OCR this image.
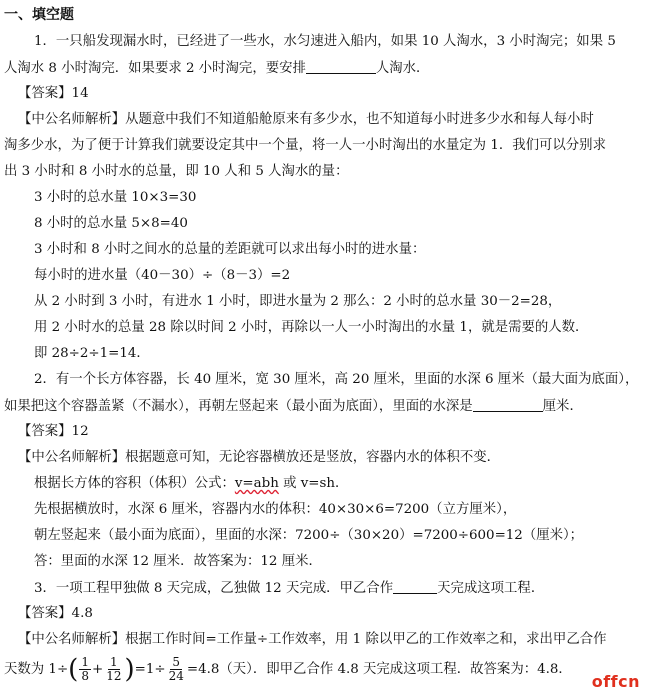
一、填空题
1．一只船发现漏水时，已经进了一些水，水匀速进入船内，如果 10 人淘水，3 小时淘完；如果 5
人淘水 8 小时淘完．如果要求 2 小时淘完，要安排	人淘水．
【答案】14
【中公名师解析】从题意中我们不知道船舱原来有多少水，也不知道每小时进多少水和每人每小时
淘多少水，为了便于计算我们就要设定其中一个量，将一人一小时淘出的水量定为 1．我们可以分别求
出 3 小时和 8 小时水的总量，即 10 人和 5 人淘水的量：
3 小时的总水量 10×3=30
8 小时的总水量 5×8=40
3 小时和 8 小时之间水的总量的差距就可以求出每小时的进水量：
每小时的进水量（40－30）÷（8－3）=2
从 2 小时到 3 小时，有进水 1 小时，即进水量为 2 那么：2 小时的总水量 30－2=28，
用 2 小时水的总量 28 除以时间 2 小时，再除以一人一小时淘出的水量 1，就是需要的人数．
即 28÷2÷1=14．
2．有一个长方体容器，长 40 厘米，宽 30 厘米，高 20 厘米，里面的水深 6 厘米（最大面为底面），
如果把这个容器盖紧（不漏水），再朝左竖起来（最小面为底面），里面的水深是	厘米．
【答案】12
【中公名师解析】根据题意可知，无论容器横放还是竖放，容器内水的体积不变．
根据长方体的容积（体积）公式：v=abh 或 v=sh．
先根据横放时，水深 6 厘米，容器内水的体积：40×30×6=7200（立方厘米），
朝左竖起来（最小面为底面），里面的水深：7200÷（30×20）=7200÷600=12（厘米）；
答：里面的水深 12 厘米．故答案为：12 厘米．
3．一项工程甲独做 8 天完成，乙独做 12 天完成．甲乙合作	天完成这项工程．
【答案】4.8
【中公名师解析】根据工作时间=工作量÷工作效率，用 1 除以甲乙的工作效率之和，求出甲乙合作
天数为 $1\div( \frac{1}{8} + \frac{1}{12} )=1\div \frac{5}{24} =4.8$（天）．即甲乙合作 4.8 天完成这项工程．故答案为：4.8．
offcn
